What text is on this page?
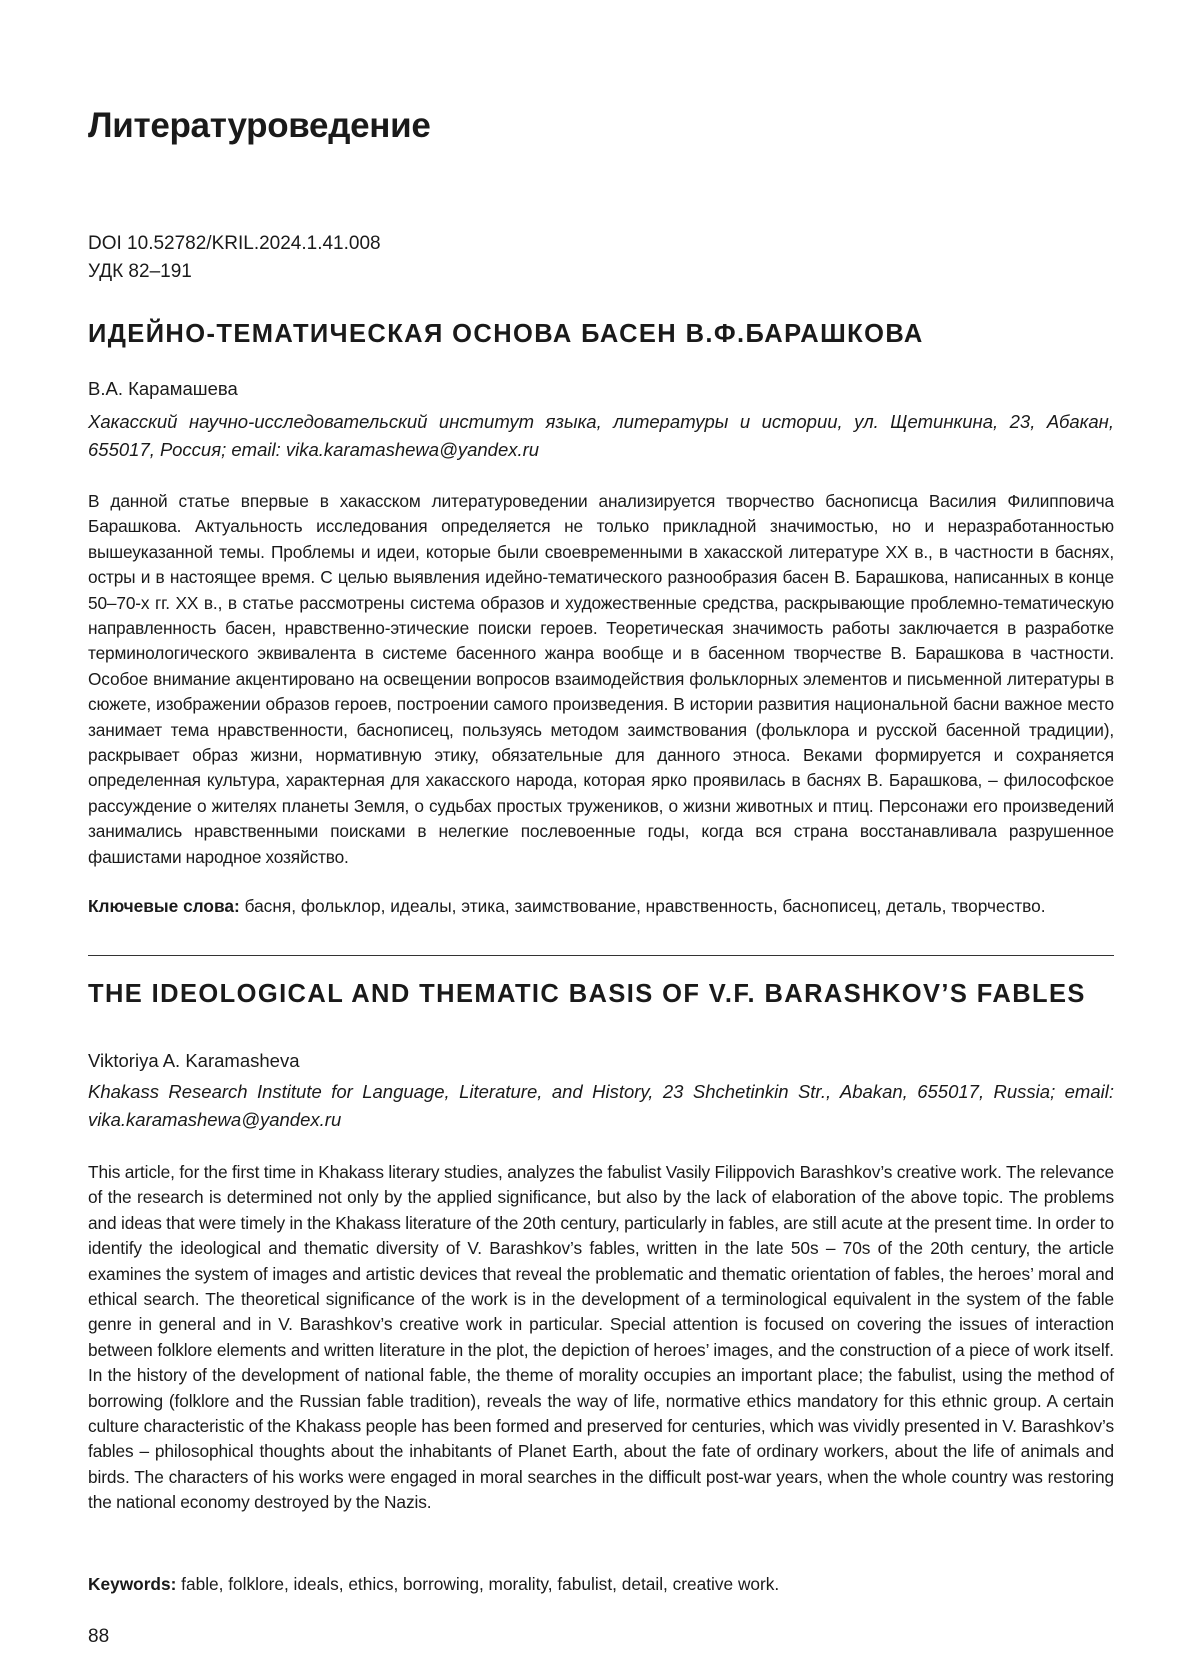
Литературоведение
DOI 10.52782/KRIL.2024.1.41.008
УДК 82–191
ИДЕЙНО-ТЕМАТИЧЕСКАЯ ОСНОВА БАСЕН В.Ф.БАРАШКОВА
В.А. Карамашева
Хакасский научно-исследовательский институт языка, литературы и истории, ул. Щетинкина, 23, Абакан, 655017, Россия; email: vika.karamashewa@yandex.ru

В данной статье впервые в хакасском литературоведении анализируется творчество баснописца Василия Филиппо­вича Барашкова. Актуальность исследования определяется не только прикладной значимостью, но и нераз­работанностью вышеуказанной темы. Проблемы и идеи, которые были своевременными в хакасской литературе XX в., в частности в баснях, остры и в настоящее время. С целью выявления идейно-тематического разнообра­зия басен В. Барашкова, написанных в конце 50–70-х гг. XX в., в статье рассмотрены система образов и художе­ственные средства, раскрывающие проблемно-тематическую направленность басен, нравственно-этические поиски героев. Теоретическая значимость работы заключается в разработке терминологического эквивалента в системе басенного жанра вообще и в басенном творчестве В. Барашкова в частности. Особое внимание акцен­тировано на освещении вопросов взаимодействия фольклорных элементов и письменной литературы в сюжете, изображении образов героев, построении самого произведения. В истории развития национальной басни важ­ное место занимает тема нравственности, баснописец, пользуясь методом заимствования (фольклора и русской басенной традиции), раскрывает образ жизни, нормативную этику, обязательные для данного этноса. Веками формируется и сохраняется определенная культура, характерная для хакасского народа, которая ярко прояви­лась в баснях В. Барашкова, – философское рассуждение о жителях планеты Земля, о судьбах простых тружени­ков, о жизни животных и птиц. Персонажи его произведений занимались нравственными поисками в нелегкие послевоенные годы, когда вся страна восстанавливала разрушенное фашистами народное хозяйство.

Ключевые слова: басня, фольклор, идеалы, этика, заимствование, нравственность, баснописец, деталь, творчество.

THE IDEOLOGICAL AND THEMATIC BASIS OF V.F. BARASHKOV’S FABLES
Viktoriya A. Karamasheva
Khakass Research Institute for Language, Literature, and History, 23 Shchetinkin Str., Abakan, 655017, Russia; email: vika.karamashewa@yandex.ru

This article, for the first time in Khakass literary studies, analyzes the fabulist Vasily Filippovich Barashkov’s creative work. The relevance of the research is determined not only by the applied significance, but also by the lack of elaboration of the above topic. The problems and ideas that were timely in the Khakass literature of the 20th century, particularly in fables, are still acute at the present time. In order to identify the ideological and thematic diversity of V. Barashkov’s fables, written in the late 50s – 70s of the 20th century, the article examines the system of images and artistic devices that reveal the problematic and thematic orientation of fables, the heroes’ moral and ethical search. The theoretical significance of the work is in the development of a terminological equivalent in the system of the fable genre in general and in V. Barashkov’s creative work in particular. Special attention is focused on covering the issues of interaction between folklore elements and written literature in the plot, the depiction of heroes’ images, and the construction of a piece of work itself. In the history of the development of national fable, the theme of morality occupies an important place; the fabulist, using the method of borrowing (folklore and the Russian fable tradition), reveals the way of life, normative ethics mandatory for this ethnic group. A certain culture characteristic of the Khakass people has been formed and preserved for centuries, which was vividly presented in V. Barashkov’s fables – philosophical thoughts about the inhabitants of Planet Earth, about the fate of ordinary workers, about the life of animals and birds. The characters of his works were engaged in moral searches in the difficult post-war years, when the whole country was restoring the national economy destroyed by the Nazis.

Keywords: fable, folklore, ideals, ethics, borrowing, morality, fabulist, detail, creative work.

88
